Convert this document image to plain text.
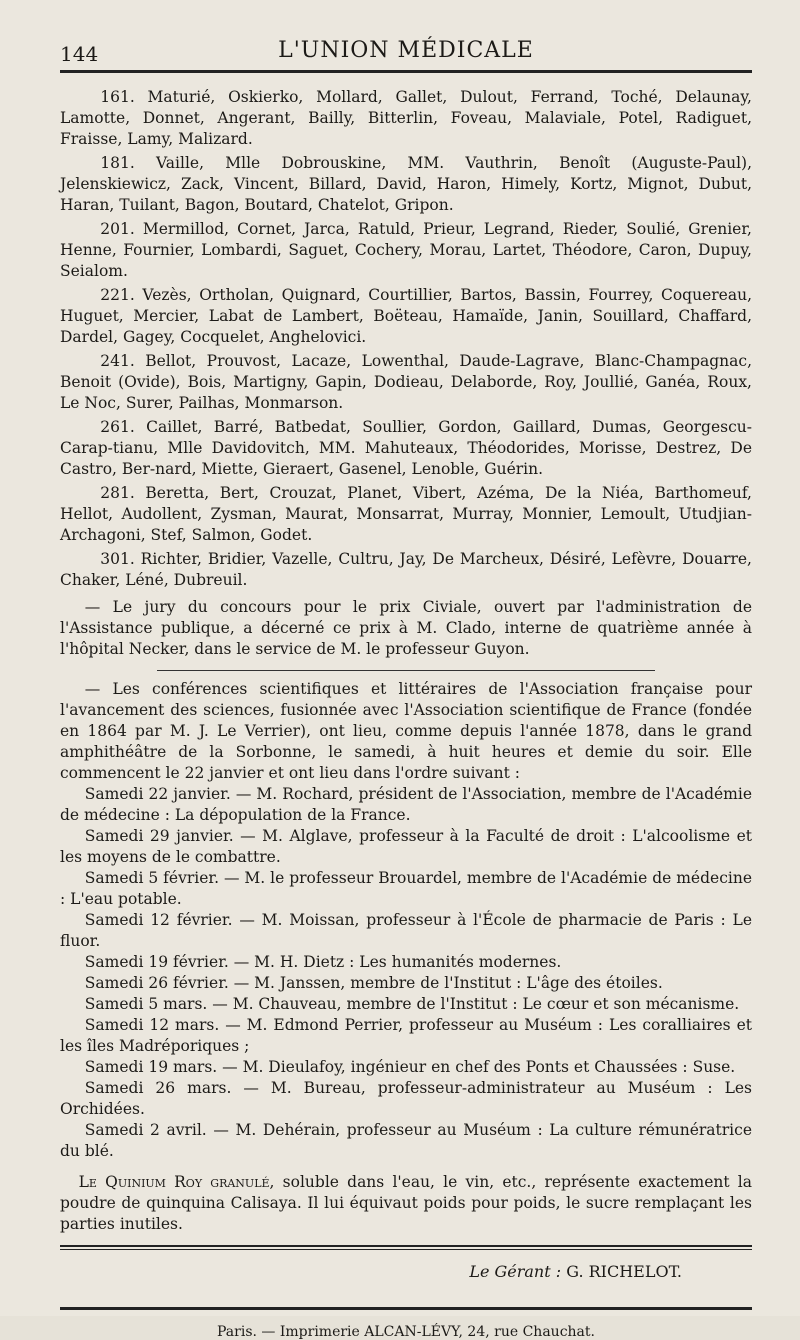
144	L'UNION MÉDICALE

161. Maturié, Oskierko, Mollard, Gallet, Dulout, Ferrand, Toché, Delaunay, Lamotte, Donnet, Angerant, Bailly, Bitterlin, Foveau, Malaviale, Potel, Radiguet, Fraisse, Lamy, Malizard.

181. Vaille, Mlle Dobrouskine, MM. Vauthrin, Benoît (Auguste-Paul), Jelenskiewicz, Zack, Vincent, Billard, David, Haron, Himely, Kortz, Mignot, Dubut, Haran, Tuilant, Bagon, Boutard, Chatelot, Gripon.

201. Mermillod, Cornet, Jarca, Ratuld, Prieur, Legrand, Rieder, Soulié, Grenier, Henne, Fournier, Lombardi, Saguet, Cochery, Morau, Lartet, Théodore, Caron, Dupuy, Seialom.

221. Vezès, Ortholan, Quignard, Courtillier, Bartos, Bassin, Fourrey, Coquereau, Huguet, Mercier, Labat de Lambert, Boëteau, Hamaïde, Janin, Souillard, Chaffard, Dardel, Gagey, Cocquelet, Anghelovici.

241. Bellot, Prouvost, Lacaze, Lowenthal, Daude-Lagrave, Blanc-Champagnac, Benoit (Ovide), Bois, Martigny, Gapin, Dodieau, Delaborde, Roy, Joullié, Ganéa, Roux, Le Noc, Surer, Pailhas, Monmarson.

261. Caillet, Barré, Batbedat, Soullier, Gordon, Gaillard, Dumas, Georgescu-Carap-tianu, Mlle Davidovitch, MM. Mahuteaux, Théodorides, Morisse, Destrez, De Castro, Ber-nard, Miette, Gieraert, Gasenel, Lenoble, Guérin.

281. Beretta, Bert, Crouzat, Planet, Vibert, Azéma, De la Niéa, Barthomeuf, Hellot, Audollent, Zysman, Maurat, Monsarrat, Murray, Monnier, Lemoult, Utudjian-Archagoni, Stef, Salmon, Godet.

301. Richter, Bridier, Vazelle, Cultru, Jay, De Marcheux, Désiré, Lefèvre, Douarre, Chaker, Léné, Dubreuil.

— Le jury du concours pour le prix Civiale, ouvert par l'administration de l'Assistance publique, a décerné ce prix à M. Clado, interne de quatrième année à l'hôpital Necker, dans le service de M. le professeur Guyon.

— Les conférences scientifiques et littéraires de l'Association française pour l'avancement des sciences, fusionnée avec l'Association scientifique de France (fondée en 1864 par M. J. Le Verrier), ont lieu, comme depuis l'année 1878, dans le grand amphithéâtre de la Sorbonne, le samedi, à huit heures et demie du soir. Elle commencent le 22 janvier et ont lieu dans l'ordre suivant :

Samedi 22 janvier. — M. Rochard, président de l'Association, membre de l'Académie de médecine : La dépopulation de la France.

Samedi 29 janvier. — M. Alglave, professeur à la Faculté de droit : L'alcoolisme et les moyens de le combattre.

Samedi 5 février. — M. le professeur Brouardel, membre de l'Académie de médecine : L'eau potable.

Samedi 12 février. — M. Moissan, professeur à l'École de pharmacie de Paris : Le fluor.

Samedi 19 février. — M. H. Dietz : Les humanités modernes.

Samedi 26 février. — M. Janssen, membre de l'Institut : L'âge des étoiles.

Samedi 5 mars. — M. Chauveau, membre de l'Institut : Le cœur et son mécanisme.

Samedi 12 mars. — M. Edmond Perrier, professeur au Muséum : Les coralliaires et les îles Madréporiques ;

Samedi 19 mars. — M. Dieulafoy, ingénieur en chef des Ponts et Chaussées : Suse.

Samedi 26 mars. — M. Bureau, professeur-administrateur au Muséum : Les Orchidées.

Samedi 2 avril. — M. Dehérain, professeur au Muséum : La culture rémunératrice du blé.

Le Quinium Roy granulé, soluble dans l'eau, le vin, etc., représente exactement la poudre de quinquina Calisaya. Il lui équivaut poids pour poids, le sucre remplaçant les parties inutiles.

Le Gérant : G. RICHELOT.
Paris. — Imprimerie ALCAN-LÉVY, 24, rue Chauchat.
